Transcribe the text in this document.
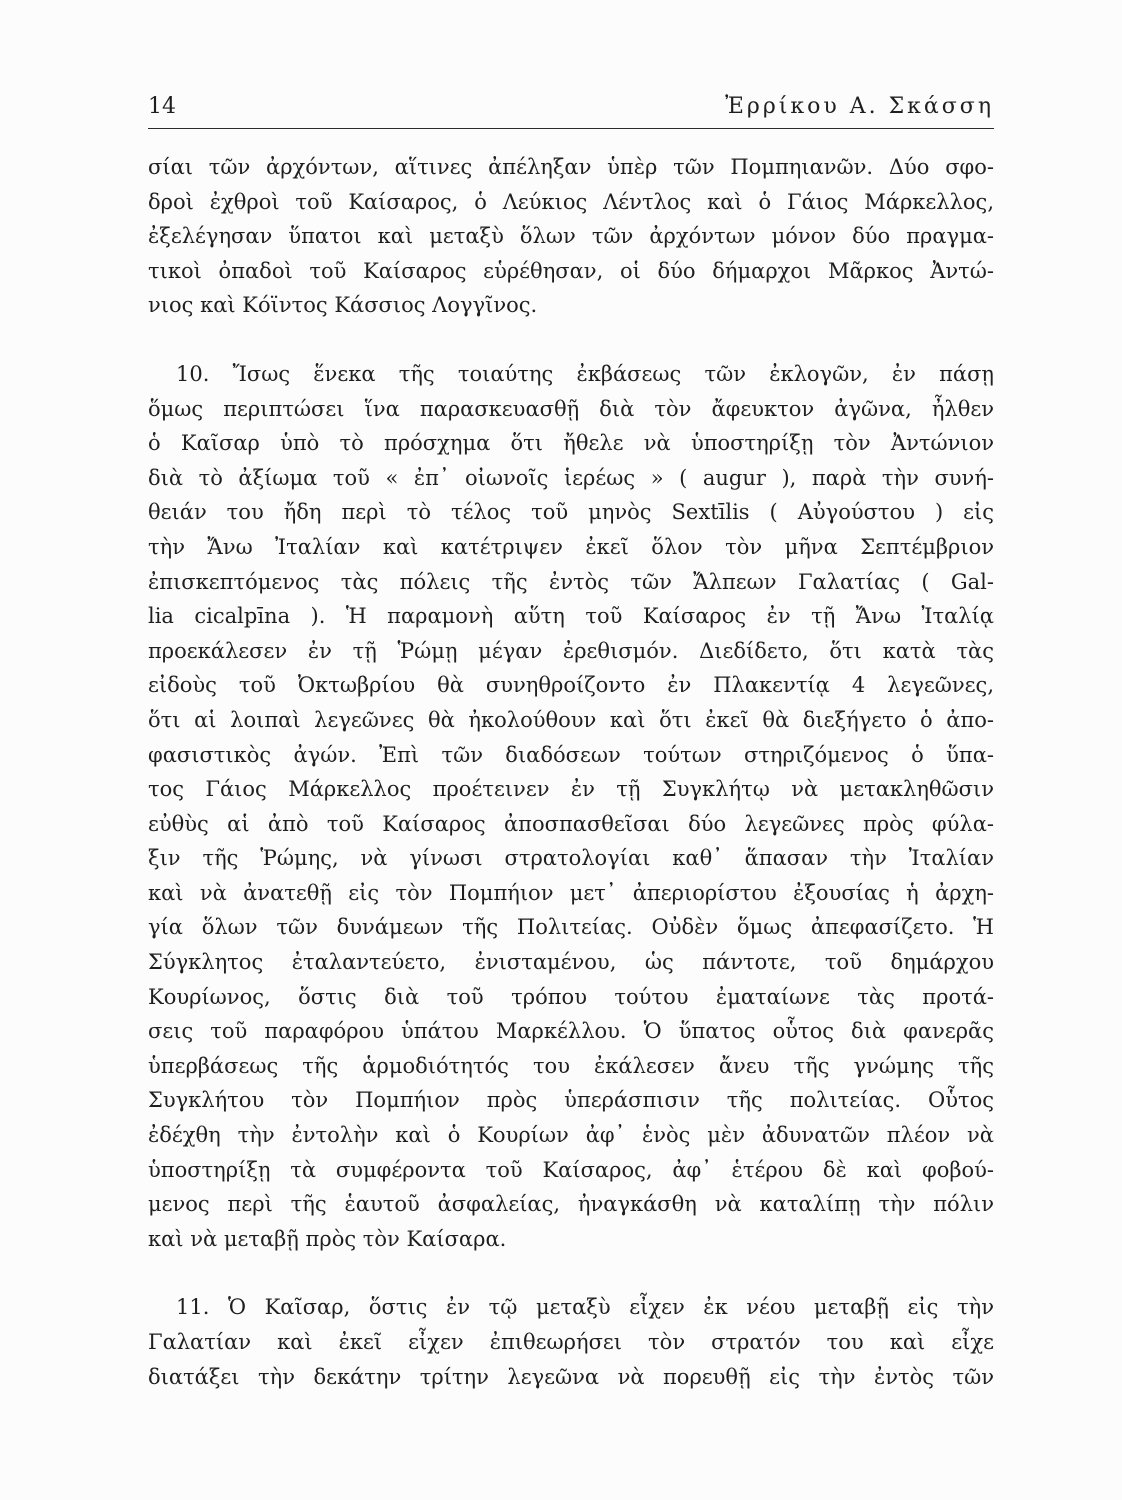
14	Ἐρρίκου Α. Σκάσση
σίαι τῶν ἀρχόντων, αἵτινες ἀπέληξαν ὑπὲρ τῶν Πομπηιανῶν. Δύο σφο-
δροὶ ἐχθροὶ τοῦ Καίσαρος, ὁ Λεύκιος Λέντλος καὶ ὁ Γάιος Μάρκελλος,
ἐξελέγησαν ὕπατοι καὶ μεταξὺ ὅλων τῶν ἀρχόντων μόνον δύο πραγμα-
τικοὶ ὀπαδοὶ τοῦ Καίσαρος εὑρέθησαν, οἱ δύο δήμαρχοι Μᾶρκος Ἀντώ-
νιος καὶ Κόϊντος Κάσσιος Λογγῖνος.
10. Ἴσως ἕνεκα τῆς τοιαύτης ἐκβάσεως τῶν ἐκλογῶν, ἐν πάσῃ
ὅμως περιπτώσει ἵνα παρασκευασθῇ διὰ τὸν ἄφευκτον ἀγῶνα, ἦλθεν
ὁ Καῖσαρ ὑπὸ τὸ πρόσχημα ὅτι ἤθελε νὰ ὑποστηρίξῃ τὸν Ἀντώνιον
διὰ τὸ ἀξίωμα τοῦ « ἐπ᾽ οἰωνοῖς ἱερέως » ( augur ), παρὰ τὴν συνή-
θειάν του ἤδη περὶ τὸ τέλος τοῦ μηνὸς Sextīlis ( Αὐγούστου ) εἰς
τὴν Ἄνω Ἰταλίαν καὶ κατέτριψεν ἐκεῖ ὅλον τὸν μῆνα Σεπτέμβριον
ἐπισκεπτόμενος τὰς πόλεις τῆς ἐντὸς τῶν Ἄλπεων Γαλατίας ( Gal-
lia cicalpīna ). Ἡ παραμονὴ αὕτη τοῦ Καίσαρος ἐν τῇ Ἄνω Ἰταλίᾳ
προεκάλεσεν ἐν τῇ Ῥώμῃ μέγαν ἐρεθισμόν. Διεδίδετο, ὅτι κατὰ τὰς
εἰδοὺς τοῦ Ὀκτωβρίου θὰ συνηθροίζοντο ἐν Πλακεντίᾳ 4 λεγεῶνες,
ὅτι αἱ λοιπαὶ λεγεῶνες θὰ ἠκολούθουν καὶ ὅτι ἐκεῖ θὰ διεξήγετο ὁ ἀπο-
φασιστικὸς ἀγών. Ἐπὶ τῶν διαδόσεων τούτων στηριζόμενος ὁ ὕπα-
τος Γάιος Μάρκελλος προέτεινεν ἐν τῇ Συγκλήτῳ νὰ μετακληθῶσιν
εὐθὺς αἱ ἀπὸ τοῦ Καίσαρος ἀποσπασθεῖσαι δύο λεγεῶνες πρὸς φύλα-
ξιν τῆς Ῥώμης, νὰ γίνωσι στρατολογίαι καθ᾽ ἅπασαν τὴν Ἰταλίαν
καὶ νὰ ἀνατεθῇ εἰς τὸν Πομπήιον μετ᾽ ἀπεριορίστου ἐξουσίας ἡ ἀρχη-
γία ὅλων τῶν δυνάμεων τῆς Πολιτείας. Οὐδὲν ὅμως ἀπεφασίζετο. Ἡ
Σύγκλητος ἐταλαντεύετο, ἐνισταμένου, ὡς πάντοτε, τοῦ δημάρχου
Κουρίωνος, ὅστις διὰ τοῦ τρόπου τούτου ἐματαίωνε τὰς προτά-
σεις τοῦ παραφόρου ὑπάτου Μαρκέλλου. Ὁ ὕπατος οὗτος διὰ φανερᾶς
ὑπερβάσεως τῆς ἁρμοδιότητός του ἐκάλεσεν ἄνευ τῆς γνώμης τῆς
Συγκλήτου τὸν Πομπήιον πρὸς ὑπεράσπισιν τῆς πολιτείας. Οὗτος
ἐδέχθη τὴν ἐντολὴν καὶ ὁ Κουρίων ἀφ᾽ ἑνὸς μὲν ἀδυνατῶν πλέον νὰ
ὑποστηρίξῃ τὰ συμφέροντα τοῦ Καίσαρος, ἀφ᾽ ἑτέρου δὲ καὶ φοβού-
μενος περὶ τῆς ἑαυτοῦ ἀσφαλείας, ἠναγκάσθη νὰ καταλίπῃ τὴν πόλιν
καὶ νὰ μεταβῇ πρὸς τὸν Καίσαρα.
11. Ὁ Καῖσαρ, ὅστις ἐν τῷ μεταξὺ εἶχεν ἐκ νέου μεταβῇ εἰς τὴν
Γαλατίαν καὶ ἐκεῖ εἶχεν ἐπιθεωρήσει τὸν στρατόν του καὶ εἶχε
διατάξει τὴν δεκάτην τρίτην λεγεῶνα νὰ πορευθῇ εἰς τὴν ἐντὸς τῶν
